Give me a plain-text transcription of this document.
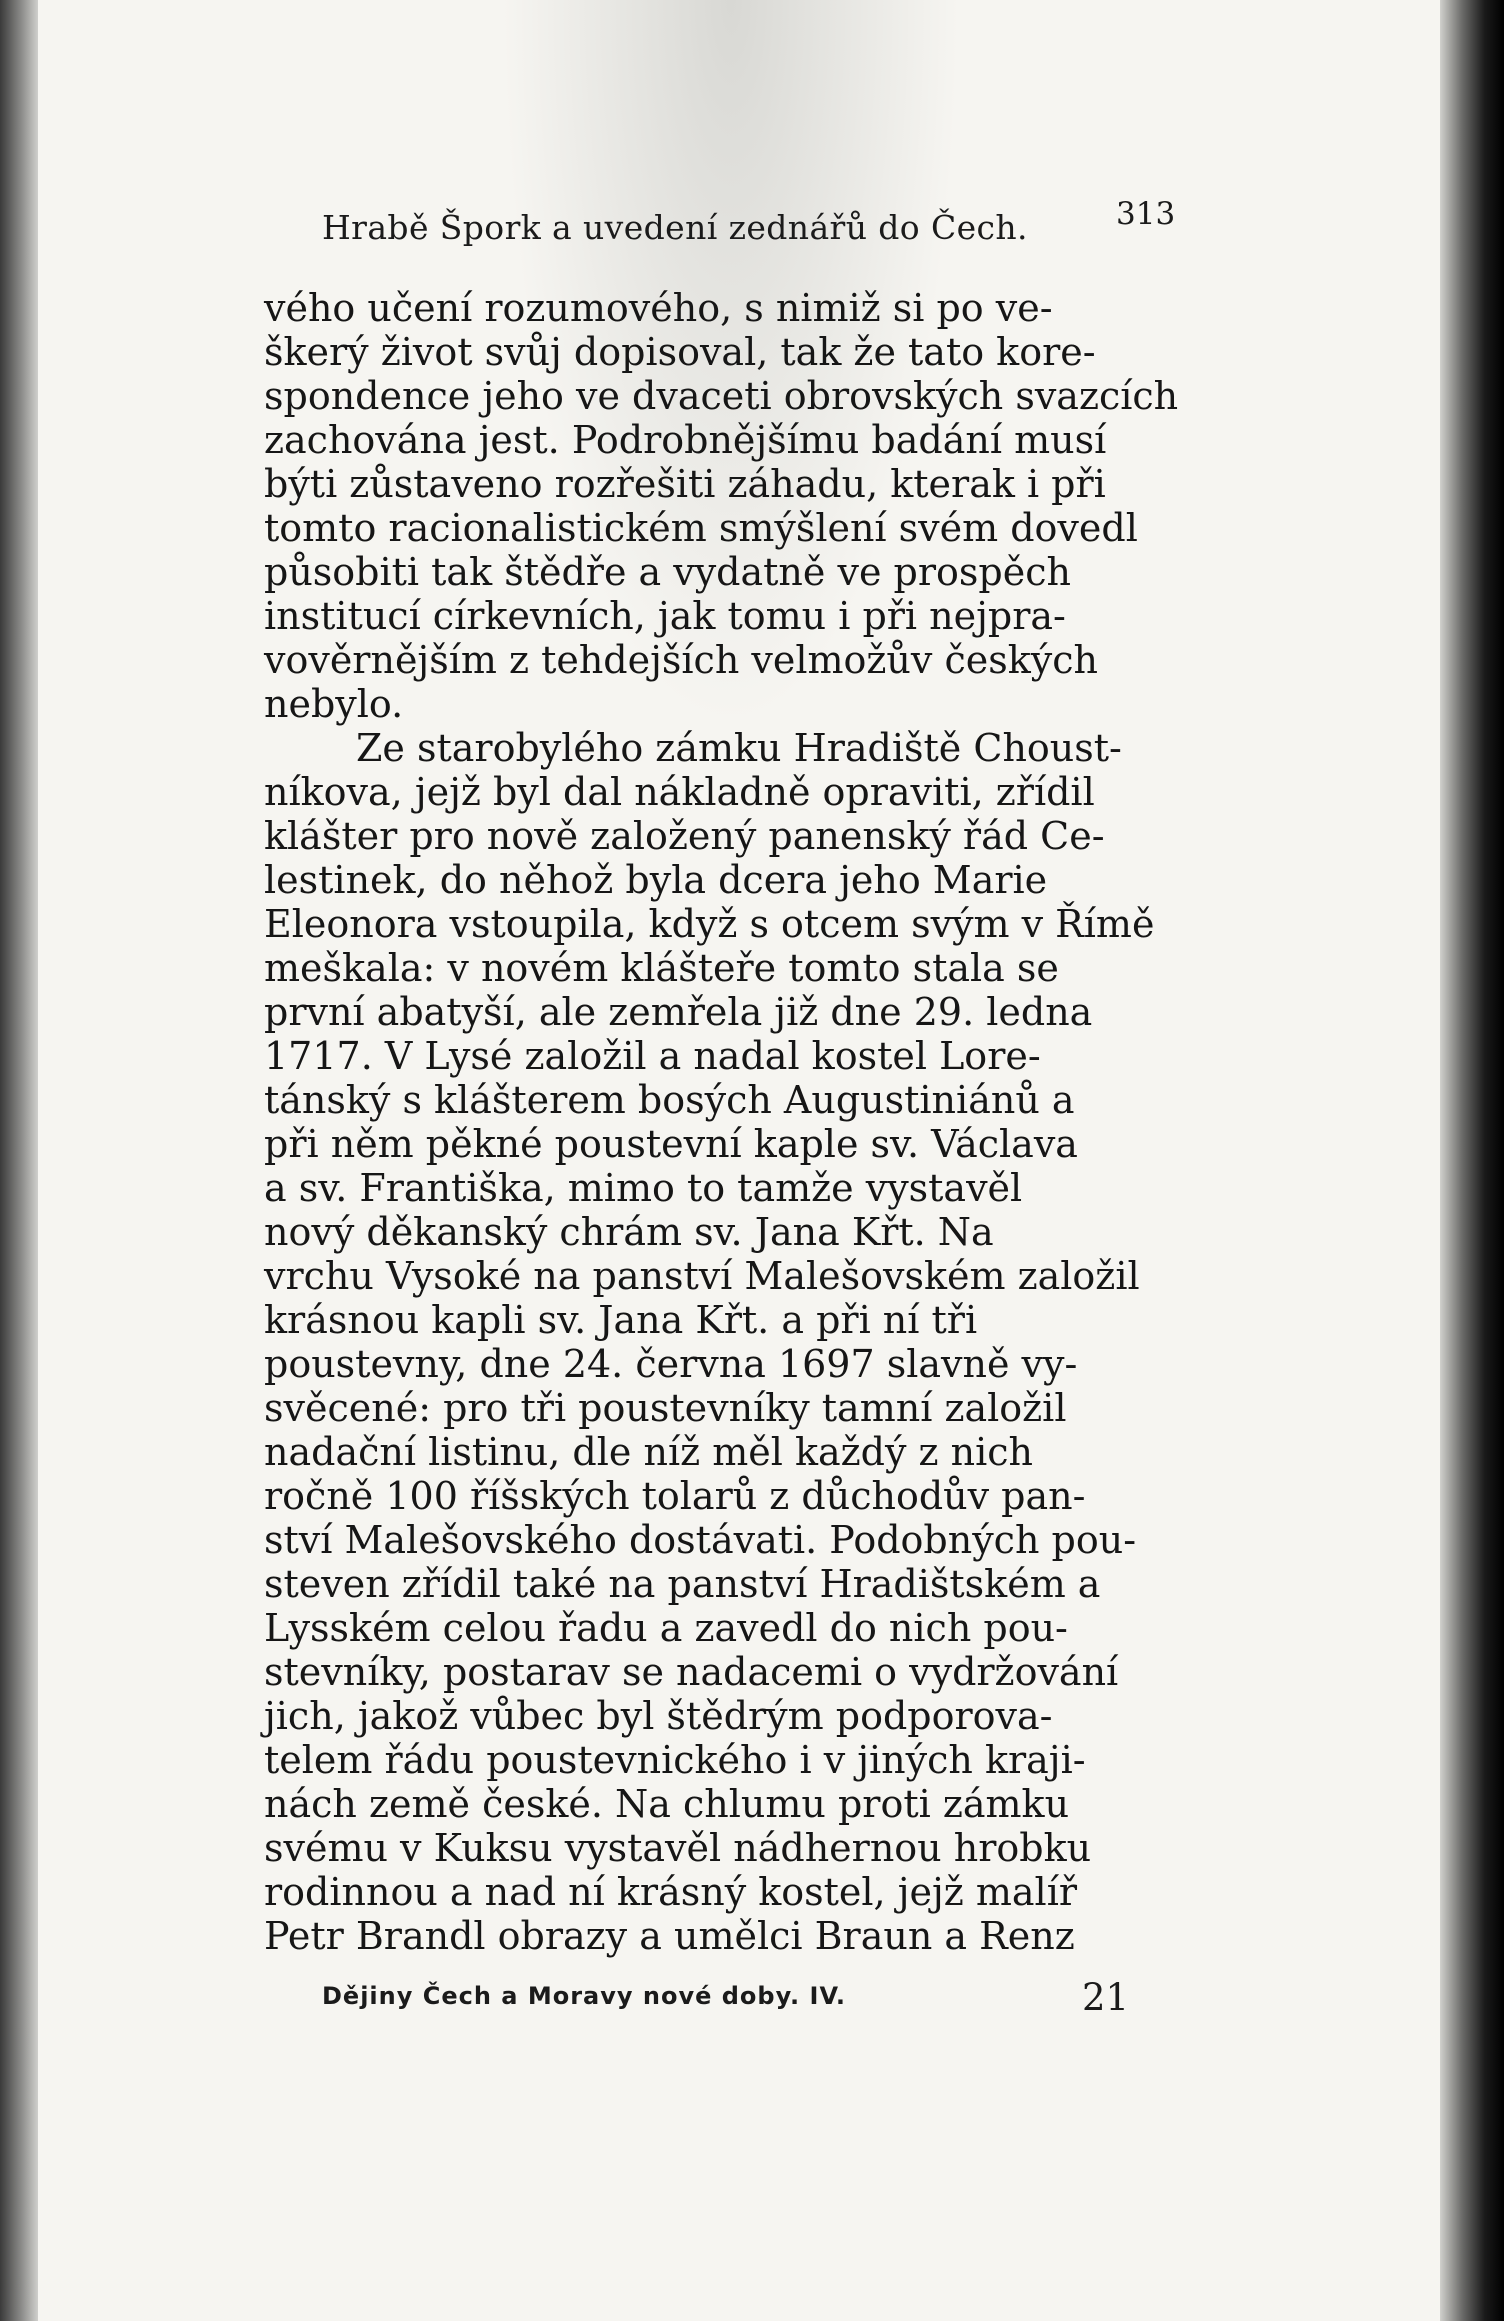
Hrabě Špork a uvedení zednářů do Čech.	313
vého učení rozumového, s nimiž si po ve-
škerý život svůj dopisoval, tak že tato kore-
spondence jeho ve dvaceti obrovských svazcích
zachována jest. Podrobnějšímu badání musí
býti zůstaveno rozřešiti záhadu, kterak i při
tomto racionalistickém smýšlení svém dovedl
působiti tak štědře a vydatně ve prospěch
institucí církevních, jak tomu i při nejpra-
vověrnějším z tehdejších velmožův českých
nebylo.
Ze starobylého zámku Hradiště Choust-
níkova, jejž byl dal nákladně opraviti, zřídil
klášter pro nově založený panenský řád Ce-
lestinek, do něhož byla dcera jeho Marie
Eleonora vstoupila, když s otcem svým v Římě
meškala: v novém klášteře tomto stala se
první abatyší, ale zemřela již dne 29. ledna
1717. V Lysé založil a nadal kostel Lore-
tánský s klášterem bosých Augustiniánů a
při něm pěkné poustevní kaple sv. Václava
a sv. Františka, mimo to tamže vystavěl
nový děkanský chrám sv. Jana Křt. Na
vrchu Vysoké na panství Malešovském založil
krásnou kapli sv. Jana Křt. a při ní tři
poustevny, dne 24. června 1697 slavně vy-
svěcené: pro tři poustevníky tamní založil
nadační listinu, dle níž měl každý z nich
ročně 100 říšských tolarů z důchodův pan-
ství Malešovského dostávati. Podobných pou-
steven zřídil také na panství Hradištském a
Lysském celou řadu a zavedl do nich pou-
stevníky, postarav se nadacemi o vydržování
jich, jakož vůbec byl štědrým podporova-
telem řádu poustevnického i v jiných kraji-
nách země české. Na chlumu proti zámku
svému v Kuksu vystavěl nádhernou hrobku
rodinnou a nad ní krásný kostel, jejž malíř
Petr Brandl obrazy a umělci Braun a Renz
Dějiny Čech a Moravy nové doby. IV.	21
